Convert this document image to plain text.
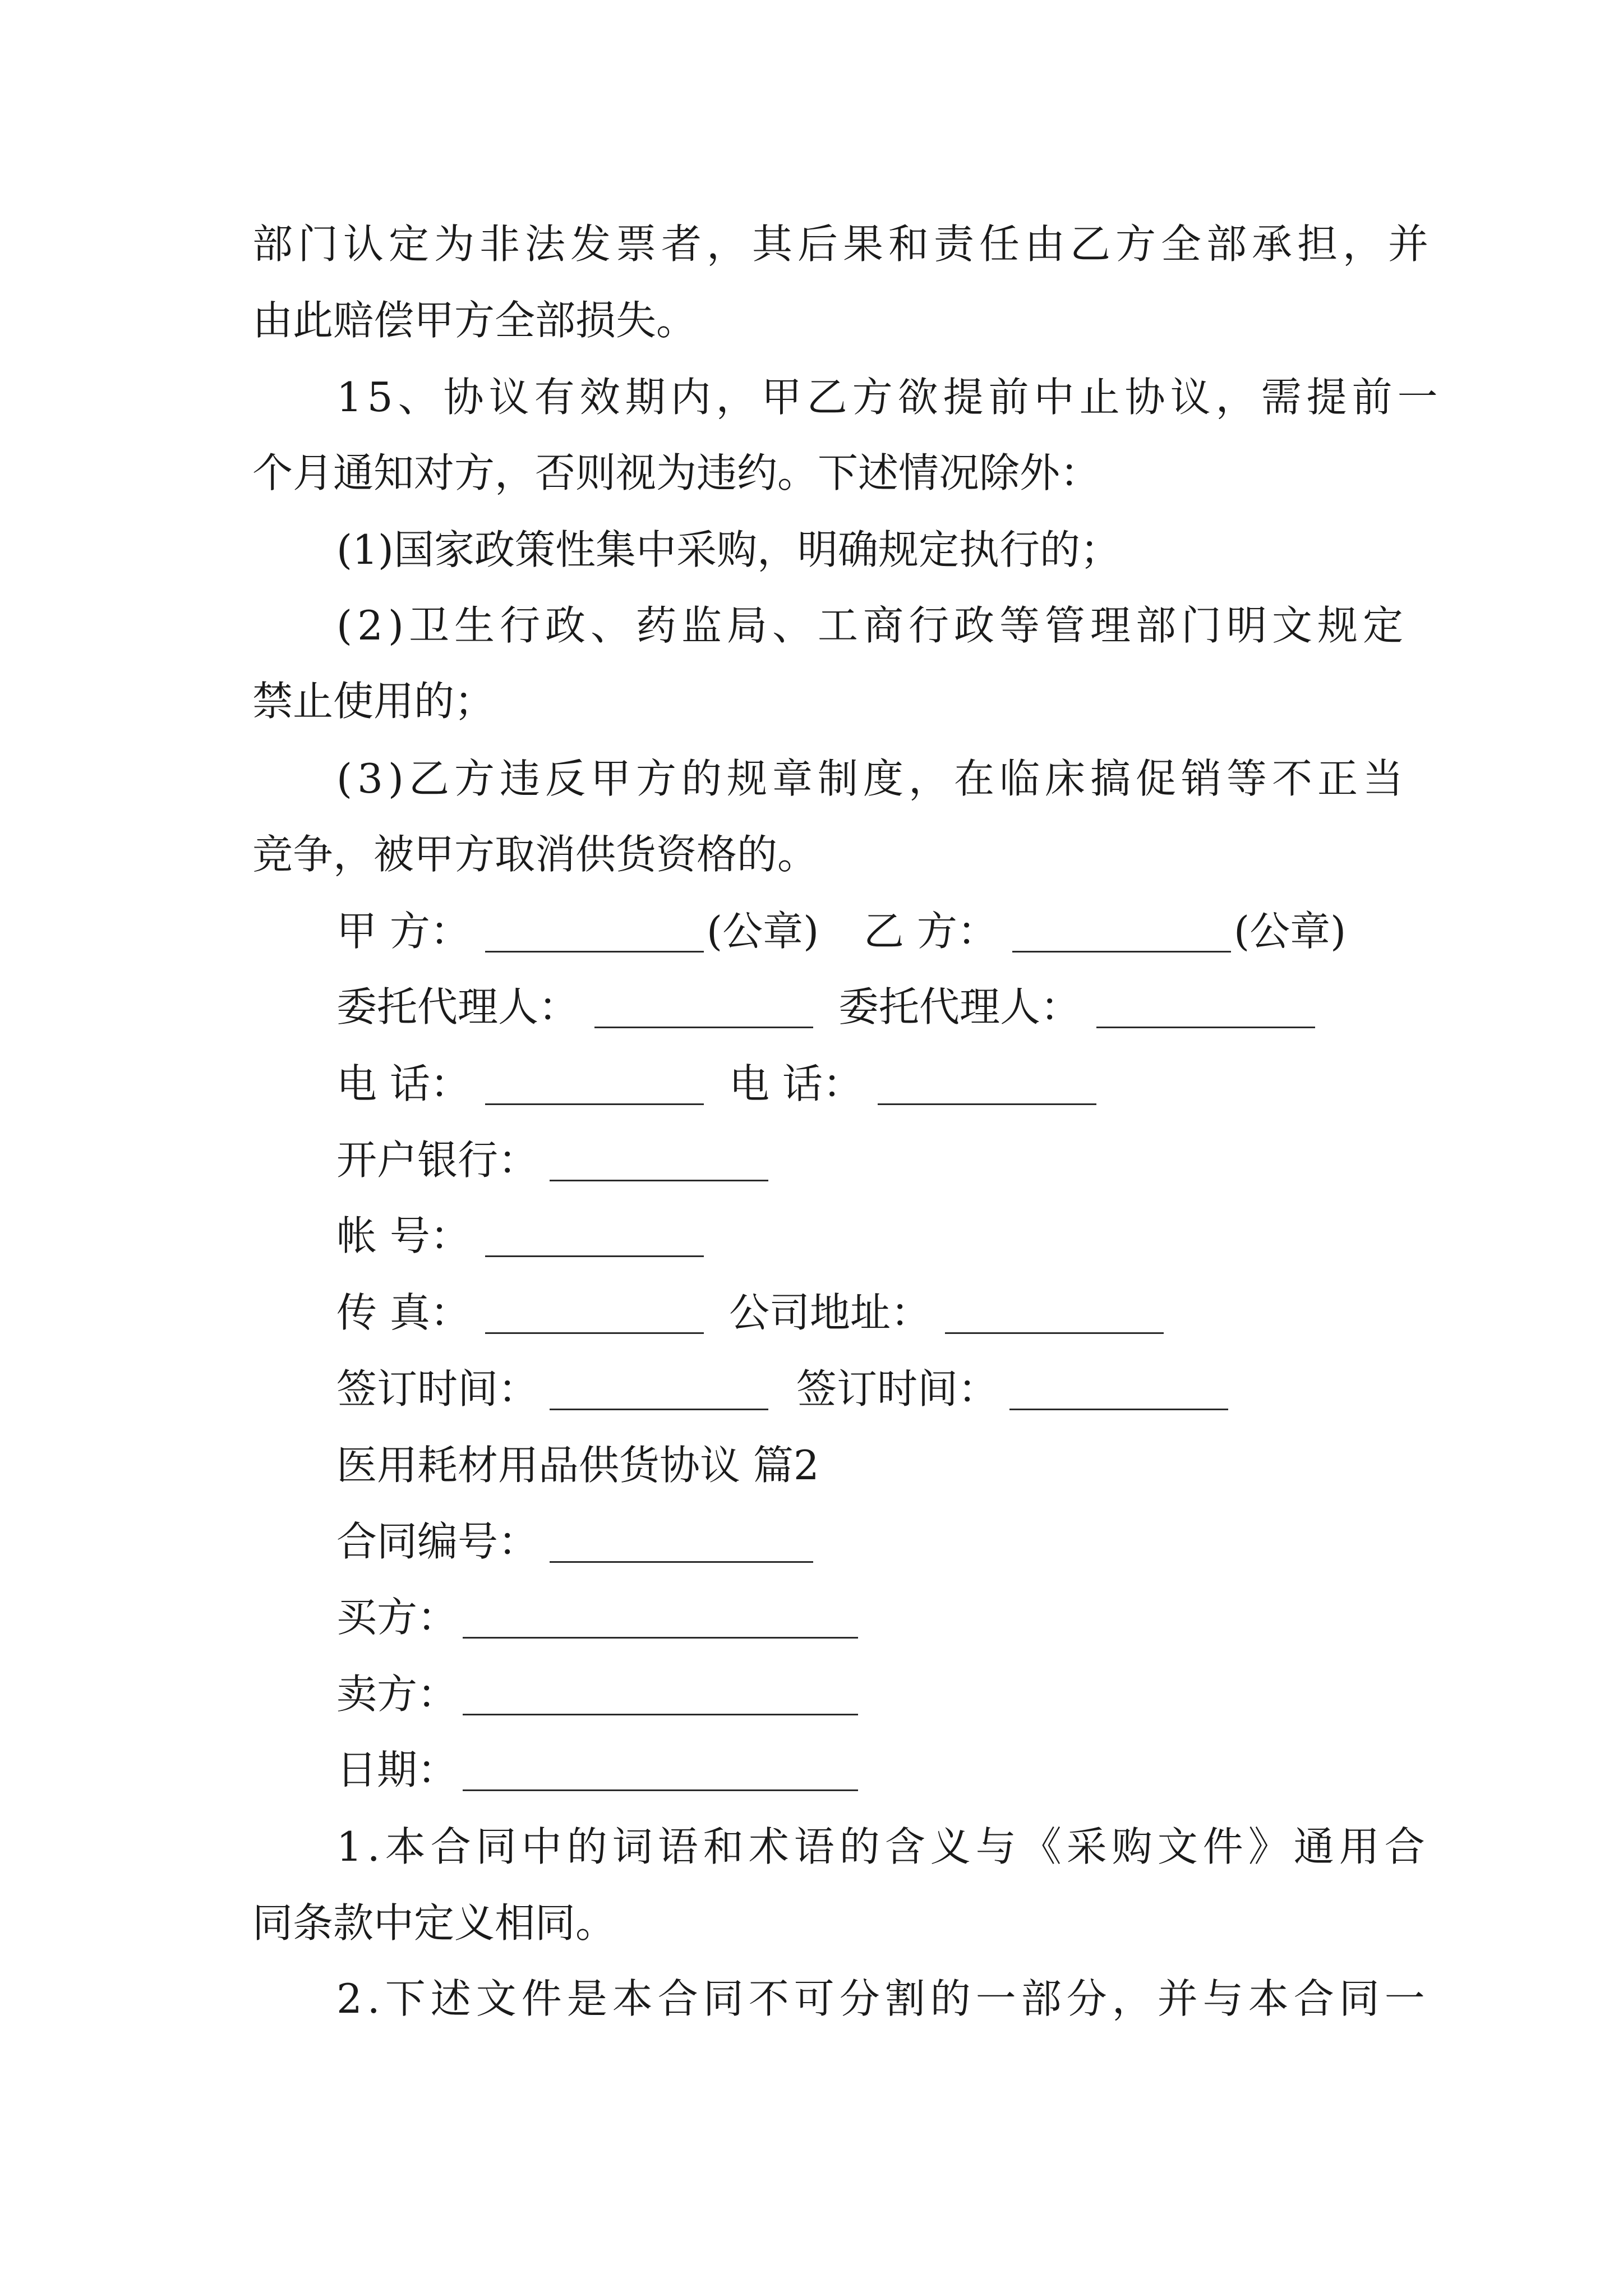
部门认定为非法发票者，其后果和责任由乙方全部承担，并
由此赔偿甲方全部损失。
15、协议有效期内，甲乙方欲提前中止协议，需提前一
个月通知对方，否则视为违约。下述情况除外：
(1)国家政策性集中采购，明确规定执行的；
(2)卫生行政、药监局、工商行政等管理部门明文规定
禁止使用的；
(3)乙方违反甲方的规章制度，在临床搞促销等不正当
竞争，被甲方取消供货资格的。
甲 方：	(公章) 乙 方：	(公章)
委托代理人：	委托代理人：
电 话：	电 话：
开户银行：
帐 号：
传 真：	公司地址：
签订时间：	签订时间：
医用耗材用品供货协议 篇2
合同编号：
买方：
卖方：
日期：
1.本合同中的词语和术语的含义与《采购文件》通用合
同条款中定义相同。
2.下述文件是本合同不可分割的一部分，并与本合同一
